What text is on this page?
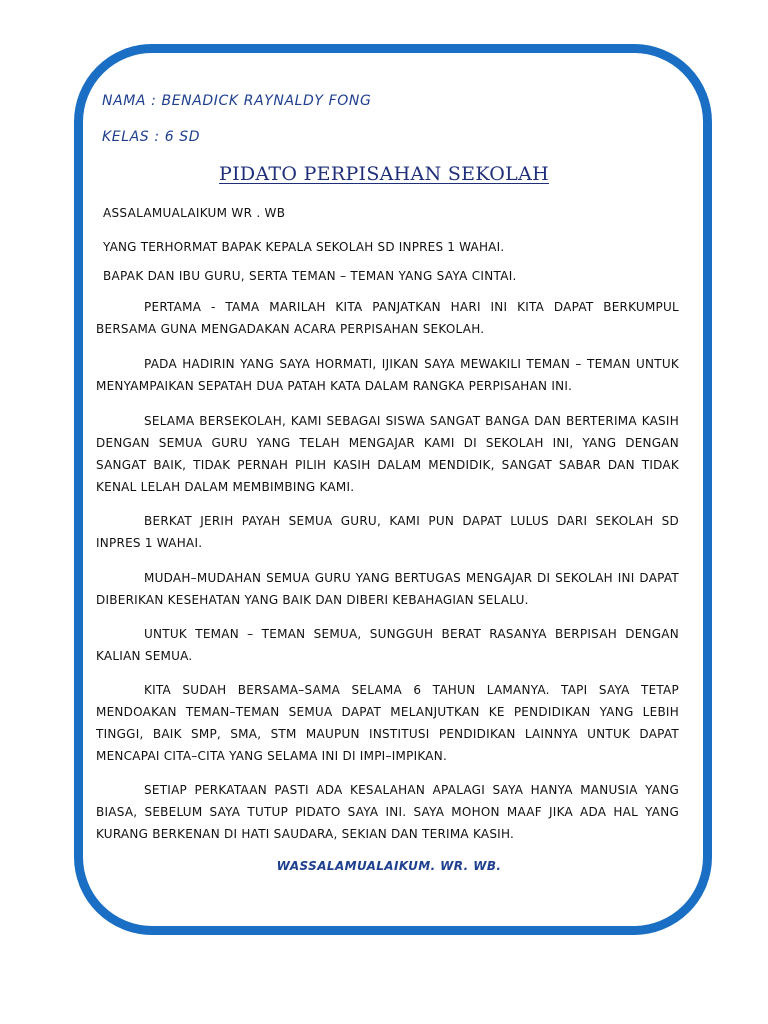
NAMA : BENADICK RAYNALDY FONG
KELAS : 6 SD
PIDATO PERPISAHAN SEKOLAH
ASSALAMUALAIKUM WR . WB
YANG TERHORMAT BAPAK KEPALA SEKOLAH SD INPRES 1 WAHAI.
BAPAK DAN IBU GURU, SERTA TEMAN – TEMAN YANG SAYA CINTAI.

PERTAMA - TAMA MARILAH KITA PANJATKAN HARI INI KITA DAPAT BERKUMPUL BERSAMA GUNA MENGADAKAN ACARA PERPISAHAN SEKOLAH.

PADA HADIRIN YANG SAYA HORMATI, IJIKAN SAYA MEWAKILI TEMAN – TEMAN UNTUK MENYAMPAIKAN SEPATAH DUA PATAH KATA DALAM RANGKA PERPISAHAN INI.

SELAMA BERSEKOLAH, KAMI SEBAGAI SISWA SANGAT BANGA DAN BERTERIMA KASIH DENGAN SEMUA GURU YANG TELAH MENGAJAR KAMI DI SEKOLAH INI, YANG DENGAN SANGAT BAIK, TIDAK PERNAH PILIH KASIH DALAM MENDIDIK, SANGAT SABAR DAN TIDAK KENAL LELAH DALAM MEMBIMBING KAMI.

BERKAT JERIH PAYAH SEMUA GURU, KAMI PUN DAPAT LULUS DARI SEKOLAH SD INPRES 1 WAHAI.

MUDAH–MUDAHAN SEMUA GURU YANG BERTUGAS MENGAJAR DI SEKOLAH INI DAPAT DIBERIKAN KESEHATAN YANG BAIK DAN DIBERI KEBAHAGIAN SELALU.

UNTUK TEMAN – TEMAN SEMUA, SUNGGUH BERAT RASANYA BERPISAH DENGAN KALIAN SEMUA.

KITA SUDAH BERSAMA–SAMA SELAMA 6 TAHUN LAMANYA. TAPI SAYA TETAP MENDOAKAN TEMAN–TEMAN SEMUA DAPAT MELANJUTKAN KE PENDIDIKAN YANG LEBIH TINGGI, BAIK SMP, SMA, STM MAUPUN INSTITUSI PENDIDIKAN LAINNYA UNTUK DAPAT MENCAPAI CITA–CITA YANG SELAMA INI DI IMPI–IMPIKAN.

SETIAP PERKATAAN PASTI ADA KESALAHAN APALAGI SAYA HANYA MANUSIA YANG BIASA, SEBELUM SAYA TUTUP PIDATO SAYA INI. SAYA MOHON MAAF JIKA ADA HAL YANG KURANG BERKENAN DI HATI SAUDARA, SEKIAN DAN TERIMA KASIH.

WASSALAMUALAIKUM. WR. WB.
